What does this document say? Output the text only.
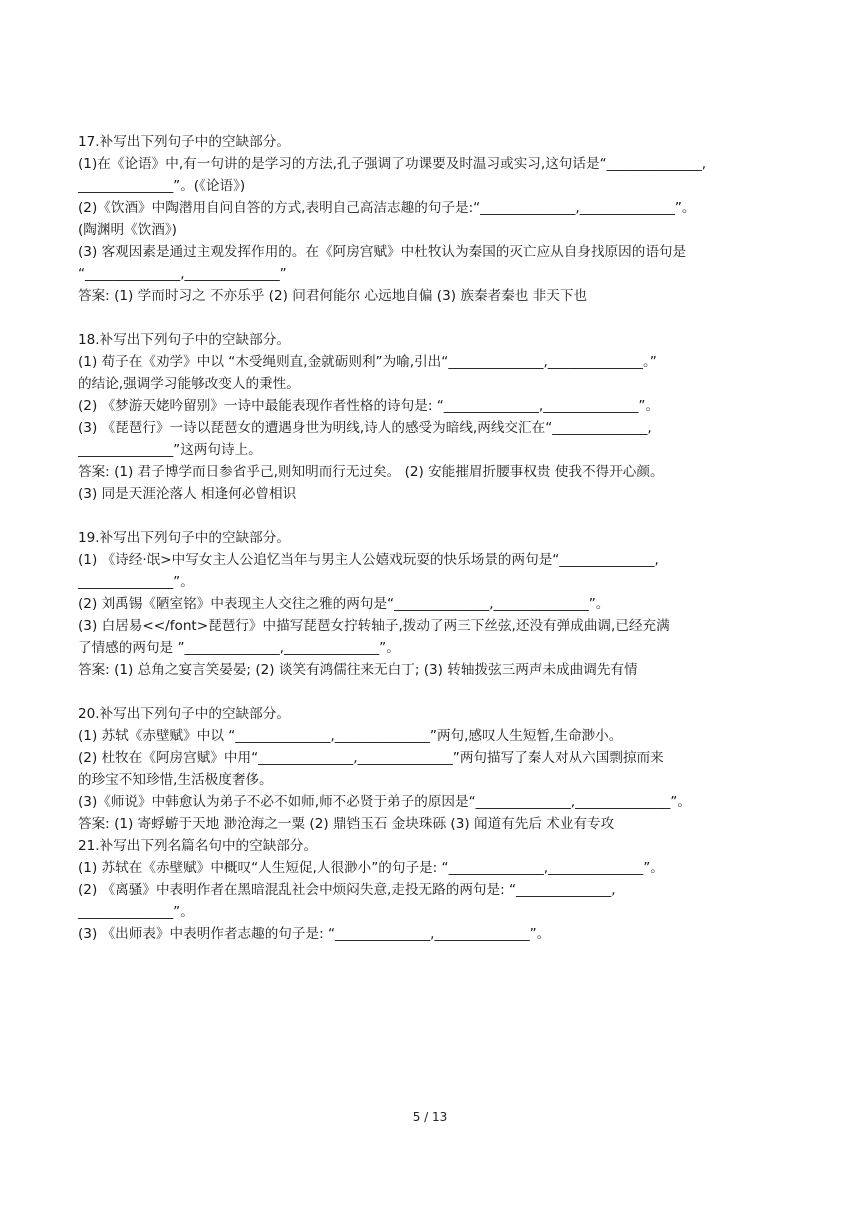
17.补写出下列句子中的空缺部分。
(1)在《论语》中,有一句讲的是学习的方法,孔子强调了功课要及时温习或实习,这句话是“______________,
______________”。(《论语》)
(2)《饮酒》中陶潜用自问自答的方式,表明自己高洁志趣的句子是:“______________,______________”。
(陶渊明《饮酒》)
(3) 客观因素是通过主观发挥作用的。在《阿房宫赋》中杜牧认为秦国的灭亡应从自身找原因的语句是
“______________,______________”
答案: (1) 学而时习之 不亦乐乎 (2) 问君何能尔 心远地自偏 (3) 族秦者秦也 非天下也
18.补写出下列句子中的空缺部分。
(1) 荀子在《劝学》中以 “木受绳则直,金就砺则利”为喻,引出“______________,______________。”
的结论,强调学习能够改变人的秉性。
(2) 《梦游天姥吟留别》一诗中最能表现作者性格的诗句是: “______________,______________”。
(3) 《琵琶行》一诗以琵琶女的遭遇身世为明线,诗人的感受为暗线,两线交汇在“______________,
______________”这两句诗上。
答案: (1) 君子博学而日参省乎己,则知明而行无过矣。 (2) 安能摧眉折腰事权贵 使我不得开心颜。
(3) 同是天涯沦落人 相逢何必曾相识
19.补写出下列句子中的空缺部分。
(1) 《诗经·氓>中写女主人公追忆当年与男主人公嬉戏玩耍的快乐场景的两句是“______________,
______________”。
(2) 刘禹锡《陋室铭》中表现主人交往之雅的两句是“______________,______________”。
(3) 白居易<</font>琵琶行》中描写琵琶女拧转轴子,拨动了两三下丝弦,还没有弹成曲调,已经充满
了情感的两句是 ”______________,______________”。
答案: (1) 总角之宴言笑晏晏; (2) 谈笑有鸿儒往来无白丁; (3) 转轴拨弦三两声未成曲调先有情
20.补写出下列句子中的空缺部分。
(1) 苏轼《赤壁赋》中以 “______________,______________”两句,感叹人生短暂,生命渺小。
(2) 杜牧在《阿房宫赋》中用“______________,______________”两句描写了秦人对从六国剽掠而来
的珍宝不知珍惜,生活极度奢侈。
(3)《师说》中韩愈认为弟子不必不如师,师不必贤于弟子的原因是“______________,______________”。
答案: (1) 寄蜉蝣于天地 渺沧海之一粟 (2) 鼎铛玉石 金块珠砾 (3) 闻道有先后 术业有专攻
21.补写出下列名篇名句中的空缺部分。
(1) 苏轼在《赤壁赋》中概叹“人生短促,人很渺小”的句子是: “______________,______________”。
(2) 《离骚》中表明作者在黑暗混乱社会中烦闷失意,走投无路的两句是: “______________,
______________”。
(3) 《出师表》中表明作者志趣的句子是: “______________,______________”。
5 / 13
